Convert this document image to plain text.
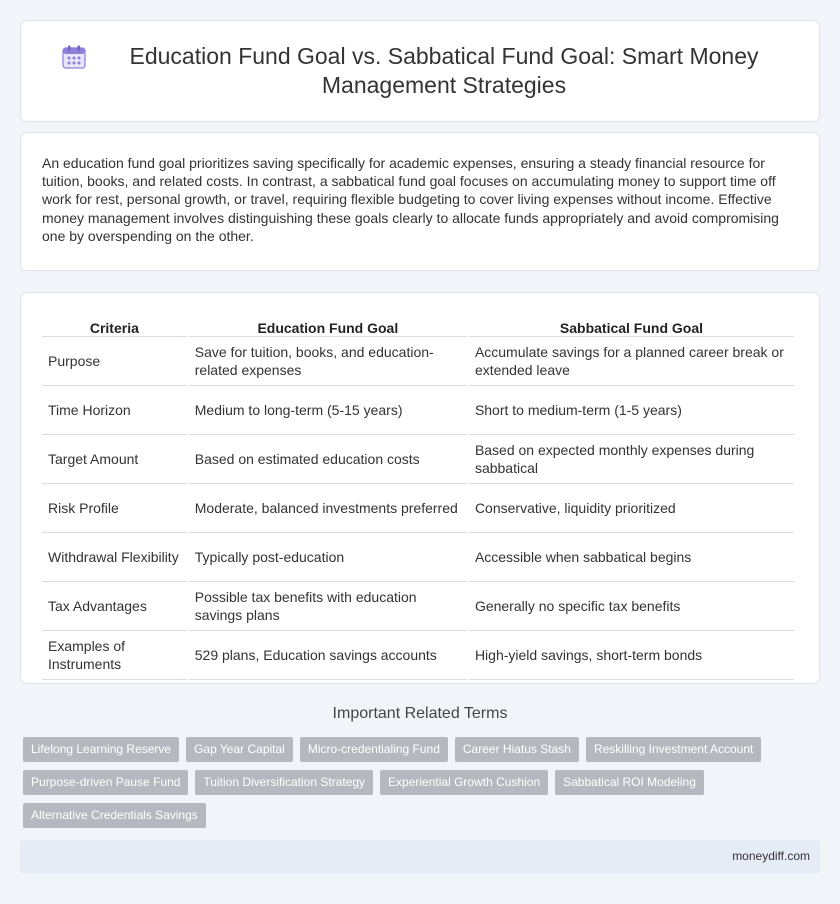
Education Fund Goal vs. Sabbatical Fund Goal: Smart Money Management Strategies

An education fund goal prioritizes saving specifically for academic expenses, ensuring a steady financial resource for tuition, books, and related costs. In contrast, a sabbatical fund goal focuses on accumulating money to support time off work for rest, personal growth, or travel, requiring flexible budgeting to cover living expenses without income. Effective money management involves distinguishing these goals clearly to allocate funds appropriately and avoid compromising one by overspending on the other.

Criteria	Education Fund Goal	Sabbatical Fund Goal
Purpose	Save for tuition, books, and education-related expenses	Accumulate savings for a planned career break or extended leave
Time Horizon	Medium to long-term (5-15 years)	Short to medium-term (1-5 years)
Target Amount	Based on estimated education costs	Based on expected monthly expenses during sabbatical
Risk Profile	Moderate, balanced investments preferred	Conservative, liquidity prioritized
Withdrawal Flexibility	Typically post-education	Accessible when sabbatical begins
Tax Advantages	Possible tax benefits with education savings plans	Generally no specific tax benefits
Examples of Instruments	529 plans, Education savings accounts	High-yield savings, short-term bonds
Important Related Terms
Lifelong Learning Reserve	Gap Year Capital	Micro-credentialing Fund	Career Hiatus Stash	Reskilling Investment Account
Purpose-driven Pause Fund	Tuition Diversification Strategy	Experiential Growth Cushion	Sabbatical ROI Modeling
Alternative Credentials Savings
moneydiff.com
